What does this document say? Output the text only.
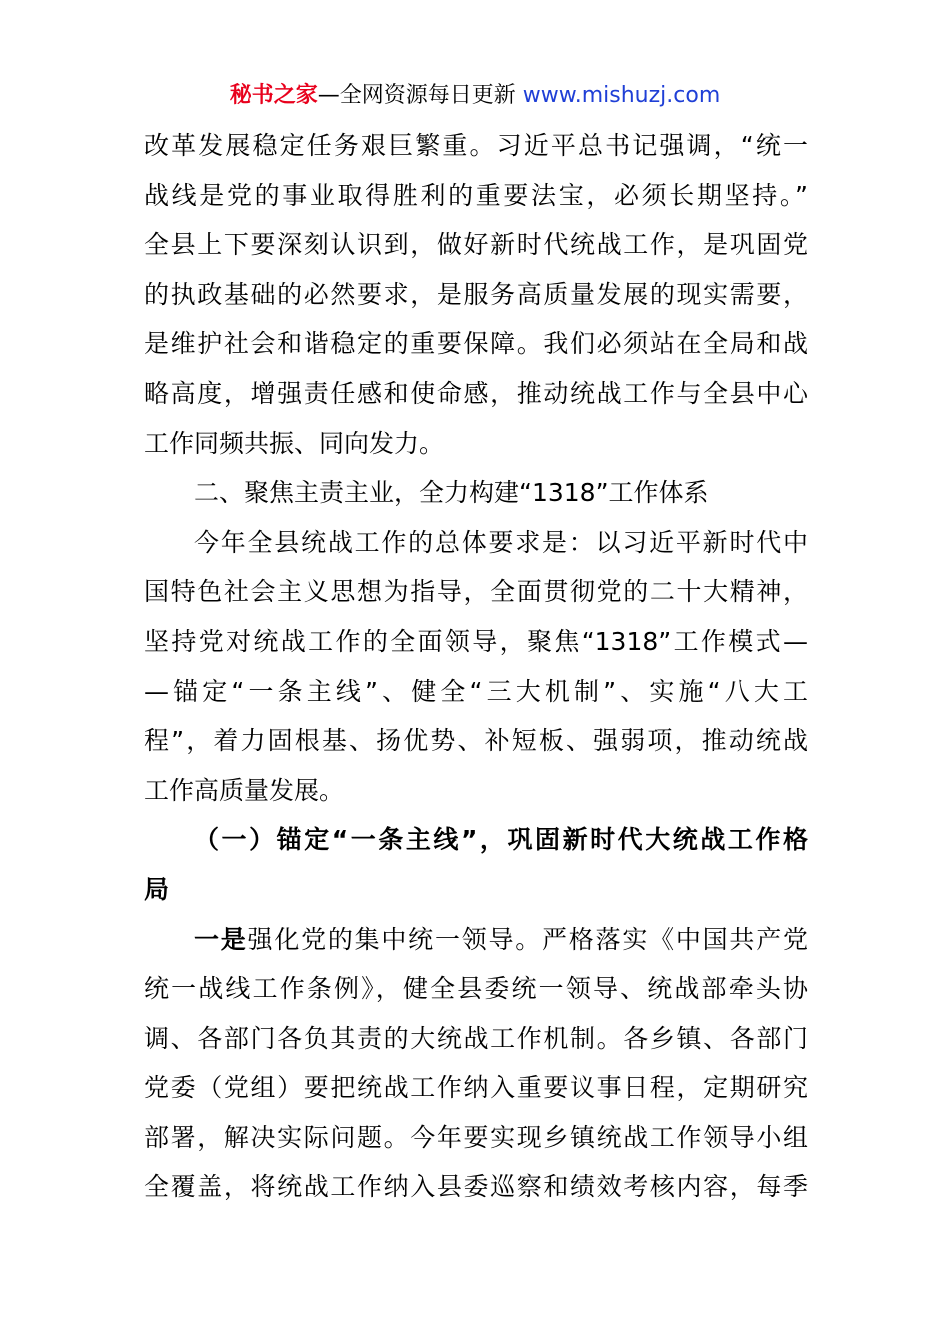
秘书之家—全网资源每日更新 www.mishuzj.com
改革发展稳定任务艰巨繁重。习近平总书记强调，“统一
战线是党的事业取得胜利的重要法宝，必须长期坚持。”
全县上下要深刻认识到，做好新时代统战工作，是巩固党
的执政基础的必然要求，是服务高质量发展的现实需要，
是维护社会和谐稳定的重要保障。我们必须站在全局和战
略高度，增强责任感和使命感，推动统战工作与全县中心
工作同频共振、同向发力。
二、聚焦主责主业，全力构建“1318”工作体系
今年全县统战工作的总体要求是：以习近平新时代中
国特色社会主义思想为指导，全面贯彻党的二十大精神，
坚持党对统战工作的全面领导，聚焦“1318”工作模式—
—锚定“一条主线”、健全“三大机制”、实施“八大工
程”，着力固根基、扬优势、补短板、强弱项，推动统战
工作高质量发展。
（一）锚定“一条主线”，巩固新时代大统战工作格
局
一是强化党的集中统一领导。严格落实《中国共产党
统一战线工作条例》，健全县委统一领导、统战部牵头协
调、各部门各负其责的大统战工作机制。各乡镇、各部门
党委（党组）要把统战工作纳入重要议事日程，定期研究
部署，解决实际问题。今年要实现乡镇统战工作领导小组
全覆盖，将统战工作纳入县委巡察和绩效考核内容，每季
